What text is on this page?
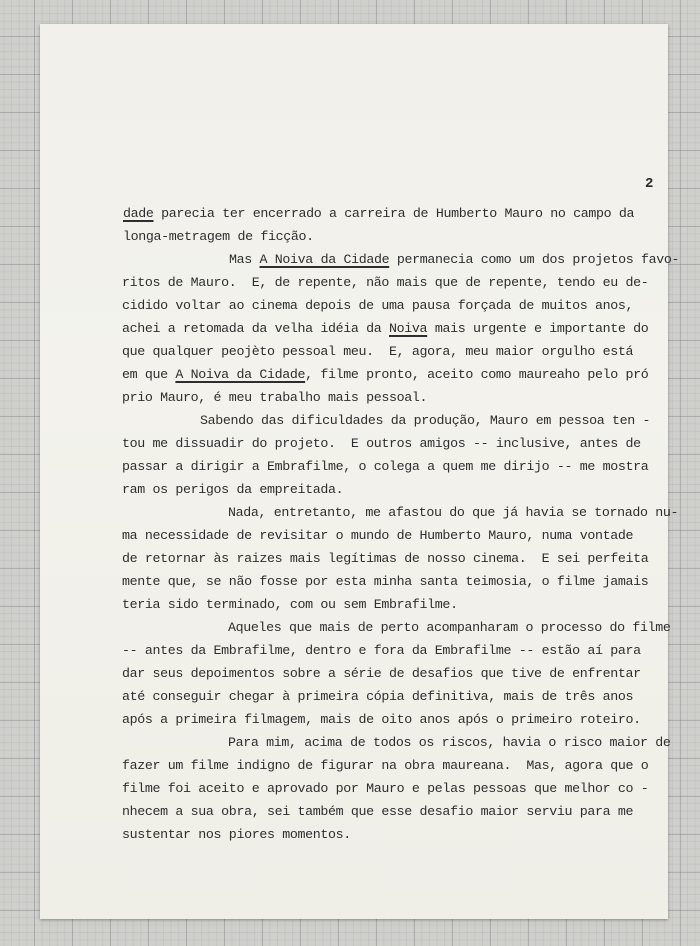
2
dade parecia ter encerrado a carreira de Humberto Mauro no campo da
longa-metragem de ficção.
Mas A Noiva da Cidade permanecia como um dos projetos favo-
ritos de Mauro.  E, de repente, não mais que de repente, tendo eu de-
cidido voltar ao cinema depois de uma pausa forçada de muitos anos,
achei a retomada da velha idéia da Noiva mais urgente e importante do
que qualquer peojèto pessoal meu.  E, agora, meu maior orgulho está
em que A Noiva da Cidade, filme pronto, aceito como maureaho pelo pró
prio Mauro, é meu trabalho mais pessoal.
Sabendo das dificuldades da produção, Mauro em pessoa ten -
tou me dissuadir do projeto.  E outros amigos -- inclusive, antes de
passar a dirigir a Embrafilme, o colega a quem me dirijo -- me mostra
ram os perigos da empreitada.
Nada, entretanto, me afastou do que já havia se tornado nu-
ma necessidade de revisitar o mundo de Humberto Mauro, numa vontade
de retornar às raizes mais legítimas de nosso cinema.  E sei perfeita
mente que, se não fosse por esta minha santa teimosia, o filme jamais
teria sido terminado, com ou sem Embrafilme.
Aqueles que mais de perto acompanharam o processo do filme
-- antes da Embrafilme, dentro e fora da Embrafilme -- estão aí para
dar seus depoimentos sobre a série de desafios que tive de enfrentar
até conseguir chegar à primeira cópia definitiva, mais de três anos
após a primeira filmagem, mais de oito anos após o primeiro roteiro.
Para mim, acima de todos os riscos, havia o risco maior de
fazer um filme indigno de figurar na obra maureana.  Mas, agora que o
filme foi aceito e aprovado por Mauro e pelas pessoas que melhor co -
nhecem a sua obra, sei também que esse desafio maior serviu para me
sustentar nos piores momentos.
